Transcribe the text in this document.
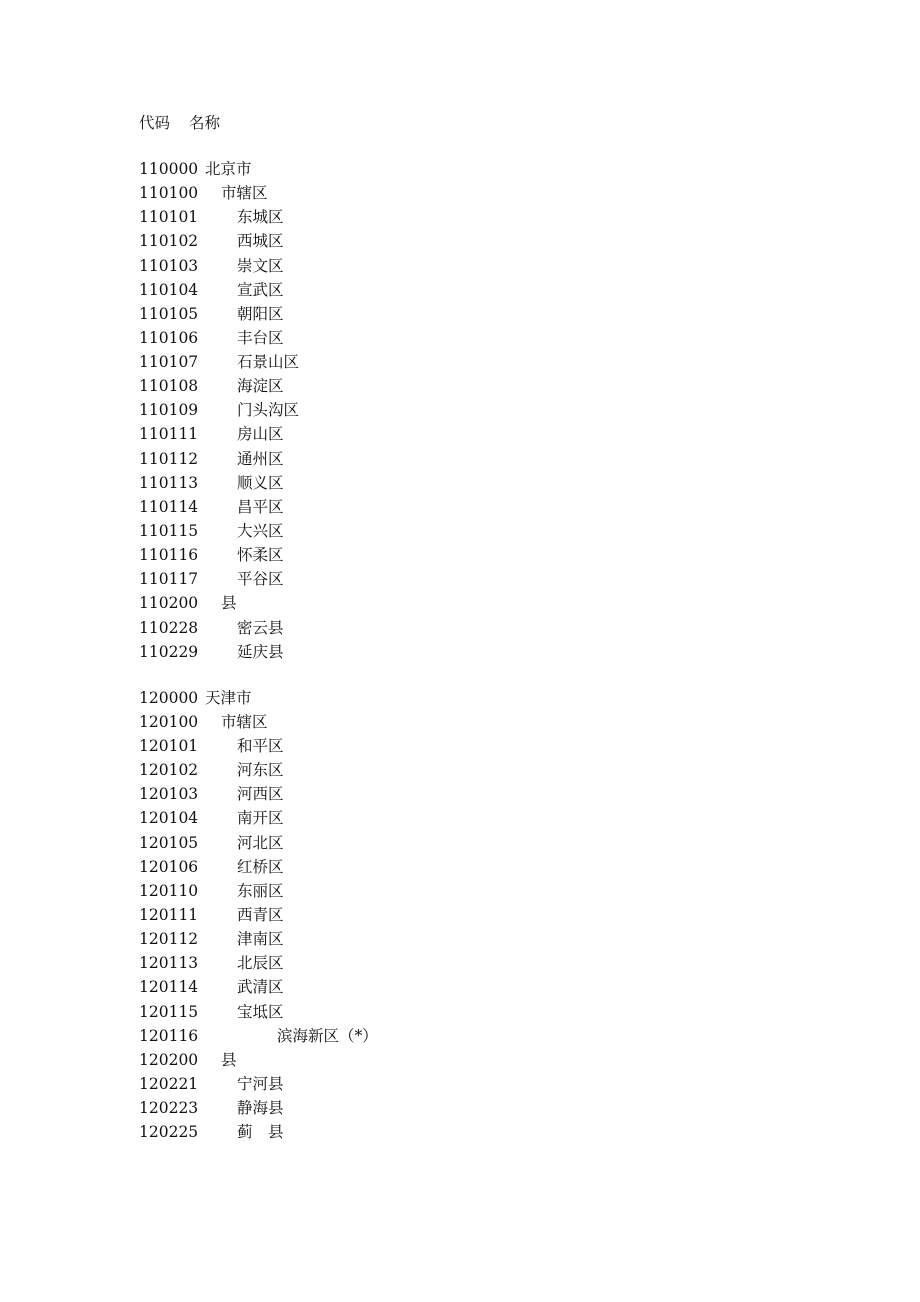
代码 名称
110000 北京市
110100 市辖区
110101	东城区
110102	西城区
110103	崇文区
110104	宣武区
110105	朝阳区
110106	丰台区
110107	石景山区
110108	海淀区
110109	门头沟区
110111	房山区
110112	通州区
110113	顺义区
110114	昌平区
110115	大兴区
110116	怀柔区
110117	平谷区
110200 县
110228	密云县
110229	延庆县
120000 天津市
120100 市辖区
120101	和平区
120102	河东区
120103	河西区
120104	南开区
120105	河北区
120106	红桥区
120110	东丽区
120111	西青区
120112	津南区
120113	北辰区
120114	武清区
120115	宝坻区
120116	滨海新区（*）
120200 县
120221	宁河县
120223	静海县
120225	蓟　县
